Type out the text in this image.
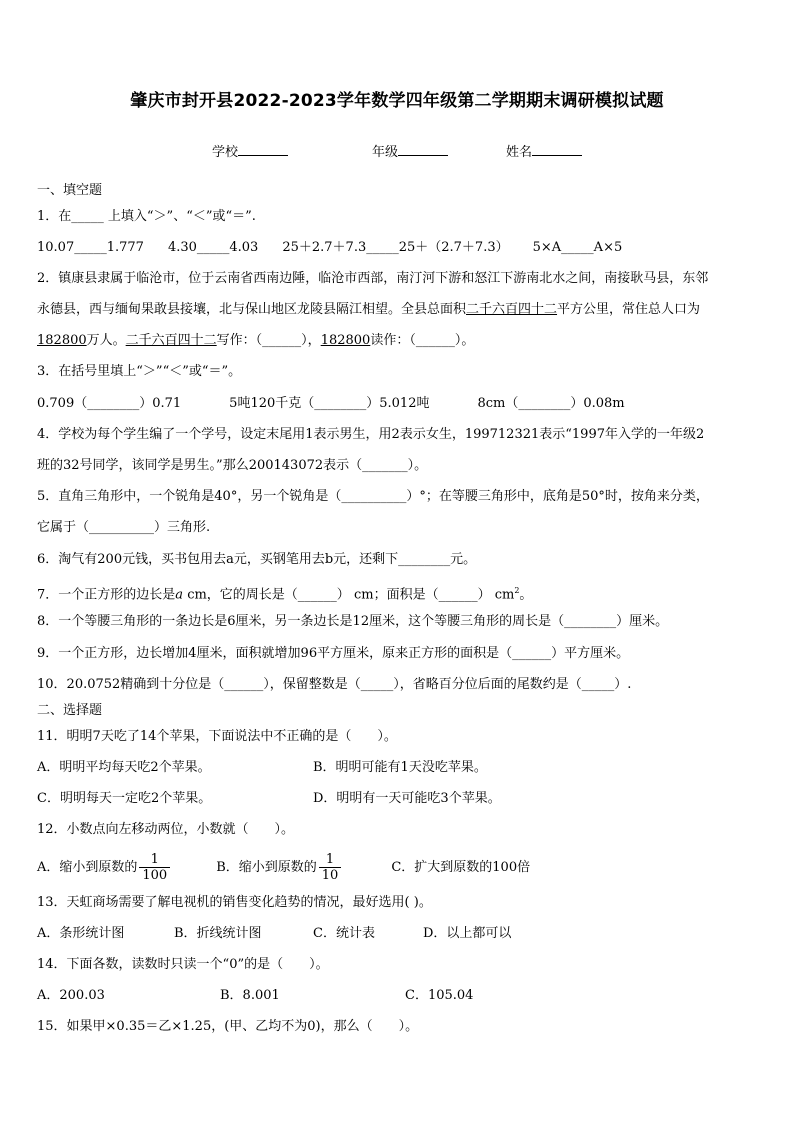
肇庆市封开县2022-2023学年数学四年级第二学期期末调研模拟试题
学校	年级	姓名
一、填空题
1．在_____ 上填入“＞”、“＜”或“＝”.
10.07_____1.777 4.30_____4.03 25＋2.7＋7.3_____25＋（2.7＋7.3） 5×A_____A×5
2．镇康县隶属于临沧市，位于云南省西南边陲，临沧市西部，南汀河下游和怒江下游南北水之间，南接耿马县，东邻
永德县，西与缅甸果敢县接壤，北与保山地区龙陵县隔江相望。全县总面积二千六百四十二平方公里，常住总人口为
182800万人。二千六百四十二写作：（______），182800读作：（______）。
3．在括号里填上“＞”“＜”或“＝”。
0.709（________）0.71	5吨120千克（________）5.012吨	8cm（________）0.08m
4．学校为每个学生编了一个学号，设定末尾用1表示男生，用2表示女生，199712321表示“1997年入学的一年级2
班的32号同学，该同学是男生。”那么200143072表示（_______）。
5．直角三角形中，一个锐角是40°，另一个锐角是（__________）°；在等腰三角形中，底角是50°时，按角来分类，
它属于（__________）三角形.
6．淘气有200元钱，买书包用去a元，买钢笔用去b元，还剩下________元。
7．一个正方形的边长是a cm，它的周长是（______） cm；面积是（______） $cm^2$。
8．一个等腰三角形的一条边长是6厘米，另一条边长是12厘米，这个等腰三角形的周长是（________）厘米。
9．一个正方形，边长增加4厘米，面积就增加96平方厘米，原来正方形的面积是（______）平方厘米。
10．20.0752精确到十分位是（______），保留整数是（_____），省略百分位后面的尾数约是（_____）.
二、选择题
11．明明7天吃了14个苹果，下面说法中不正确的是（　　）。
A．明明平均每天吃2个苹果。	B．明明可能有1天没吃苹果。
C．明明每天一定吃2个苹果。	D．明明有一天可能吃3个苹果。
12．小数点向左移动两位，小数就（　　）。
A．缩小到原数的 $\frac{1}{100}$	B．缩小到原数的 $\frac{1}{10}$	C．扩大到原数的100倍
13．天虹商场需要了解电视机的销售变化趋势的情况，最好选用( )。
A．条形统计图	B．折线统计图	C．统计表	D．以上都可以
14．下面各数，读数时只读一个“0”的是（　　）。
A．200.03	B．8.001	C．105.04
15．如果甲×0.35＝乙×1.25，(甲、乙均不为0)，那么（　　）。
